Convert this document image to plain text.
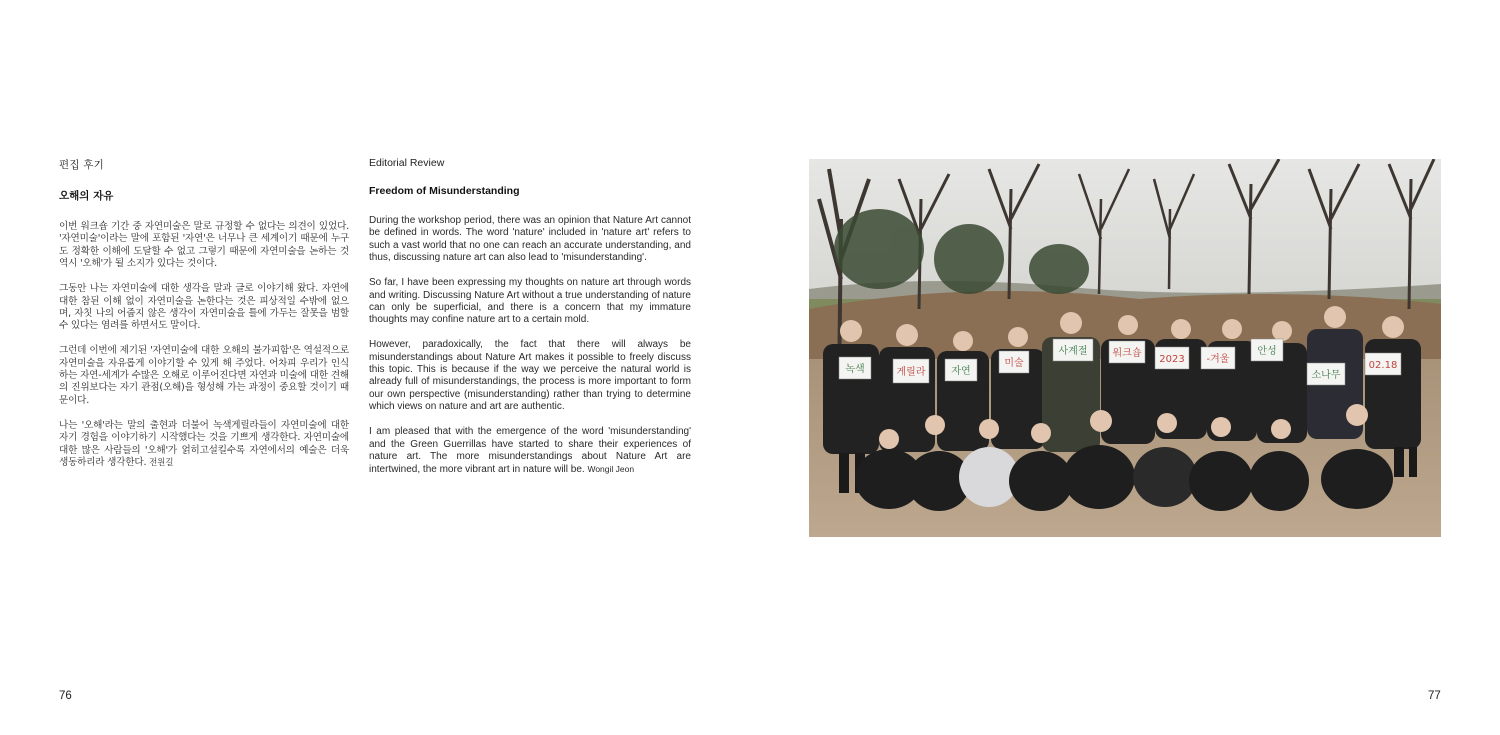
편집 후기
오해의 자유

이번 워크숍 기간 중 자연미술은 말로 규정할 수 없다는 의견이 있었다. '자연미술'이라는 말에 포함된 '자연'은 너무나 큰 세계이기 때문에 누구도 정확한 이해에 도달할 수 없고 그렇기 때문에 자연미술을 논하는 것 역시 '오해'가 될 소지가 있다는 것이다.

그동안 나는 자연미술에 대한 생각을 말과 글로 이야기해 왔다. 자연에 대한 참된 이해 없이 자연미술을 논한다는 것은 피상적일 수밖에 없으며, 자칫 나의 어줍지 않은 생각이 자연미술을 틀에 가두는 잘못을 범할 수 있다는 염려를 하면서도 말이다.

그런데 이번에 제기된 '자연미술에 대한 오해의 불가피함'은 역설적으로 자연미술을 자유롭게 이야기할 수 있게 해 주었다. 어차피 우리가 인식하는 자연-세계가 수많은 오해로 이루어진다면 자연과 미술에 대한 견해의 진위보다는 자기 관점(오해)을 형성해 가는 과정이 중요할 것이기 때문이다.

나는 '오해'라는 말의 출현과 더불어 녹색게릴라들이 자연미술에 대한 자기 경험을 이야기하기 시작했다는 것을 기쁘게 생각한다. 자연미술에 대한 많은 사람들의 '오해'가 얽히고설킬수록 자연에서의 예술은 더욱 생동하리라 생각한다. 전원길

Editorial Review
Freedom of Misunderstanding

During the workshop period, there was an opinion that Nature Art cannot be defined in words. The word 'nature' included in 'nature art' refers to such a vast world that no one can reach an accurate understanding, and thus, discussing nature art can also lead to 'misunderstanding'.

So far, I have been expressing my thoughts on nature art through words and writing. Discussing Nature Art without a true understanding of nature can only be superficial, and there is a concern that my immature thoughts may confine nature art to a certain mold.

However, paradoxically, the fact that there will always be misunderstandings about Nature Art makes it possible to freely discuss this topic. This is because if the way we perceive the natural world is already full of misunderstandings, the process is more important to form our own perspective (misunderstanding) rather than trying to determine which views on nature and art are authentic.

I am pleased that with the emergence of the word 'misunderstanding' and the Green Guerrillas have started to share their experiences of nature art. The more misunderstandings about Nature Art are intertwined, the more vibrant art in nature will be. Wongil Jeon

76
녹색	게릴라	자연
미술
사계절	워크숍
2023 -겨울
안성
소나무
02.18
77
